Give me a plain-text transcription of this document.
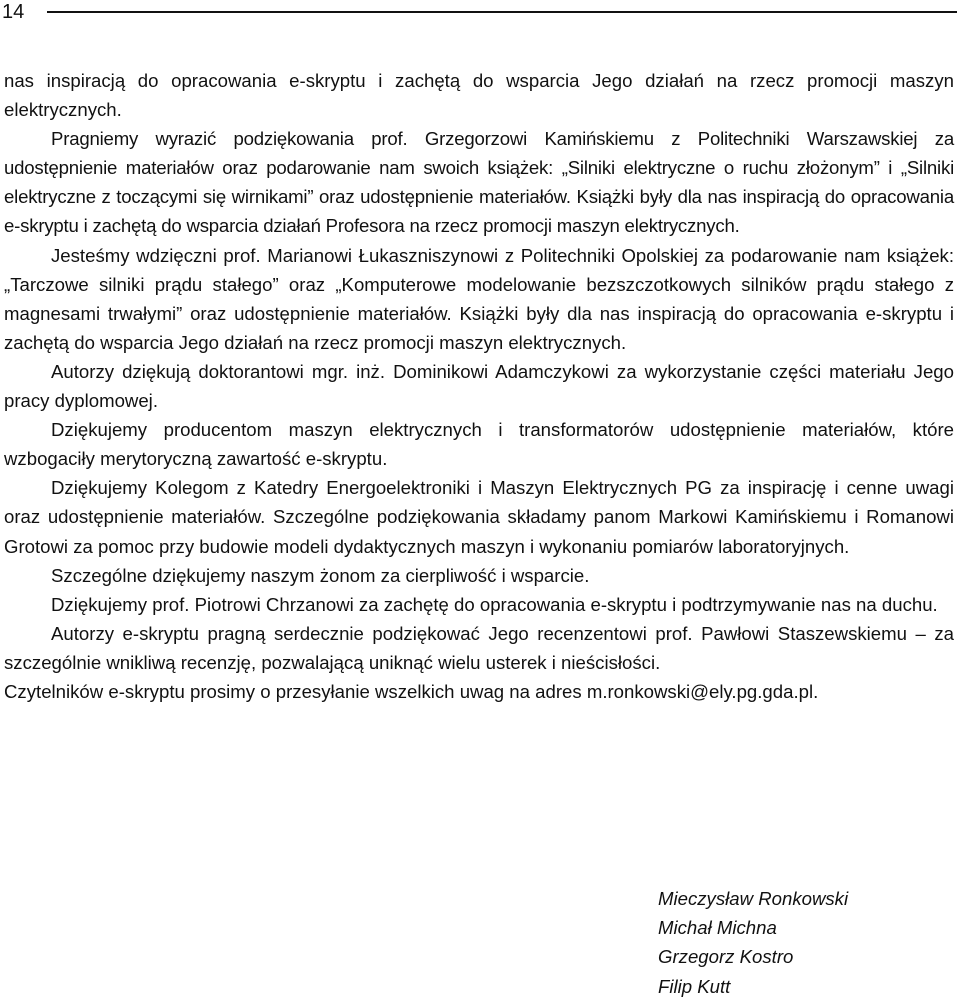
14

nas inspiracją do opracowania e-skryptu i zachętą do wsparcia Jego działań na rzecz promocji maszyn elektrycznych.

Pragniemy wyrazić podziękowania prof. Grzegorzowi Kamińskiemu z Politechniki Warszawskiej za udostępnienie materiałów oraz podarowanie nam swoich książek: „Silniki elektryczne o ruchu złożonym” i „Silniki elektryczne z toczącymi się wirnikami” oraz udostępnienie materiałów. Książki były dla nas inspiracją do opracowania e-skryptu i zachętą do wsparcia działań Profesora na rzecz promocji maszyn elektrycznych.

Jesteśmy wdzięczni prof. Marianowi Łukaszniszynowi z Politechniki Opolskiej za podarowanie nam książek: „Tarczowe silniki prądu stałego” oraz „Komputerowe modelowanie bezszczotkowych silników prądu stałego z magnesami trwałymi” oraz udostępnienie materiałów. Książki były dla nas inspiracją do opracowania e-skryptu i zachętą do wsparcia Jego działań na rzecz promocji maszyn elektrycznych.

Autorzy dziękują doktorantowi mgr. inż. Dominikowi Adamczykowi za wykorzystanie części materiału Jego pracy dyplomowej.

Dziękujemy producentom maszyn elektrycznych i transformatorów udostępnienie materiałów, które wzbogaciły merytoryczną zawartość e-skryptu.

Dziękujemy Kolegom z Katedry Energoelektroniki i Maszyn Elektrycznych PG za inspirację i cenne uwagi oraz udostępnienie materiałów. Szczególne podziękowania składamy panom Markowi Kamińskiemu i Romanowi Grotowi za pomoc przy budowie modeli dydaktycznych maszyn i wykonaniu pomiarów laboratoryjnych.

Szczególne dziękujemy naszym żonom za cierpliwość i wsparcie.

Dziękujemy prof. Piotrowi Chrzanowi za zachętę do opracowania e-skryptu i podtrzymywanie nas na duchu.

Autorzy e-skryptu pragną serdecznie podziękować Jego recenzentowi prof. Pawłowi Staszewskiemu – za szczególnie wnikliwą recenzję, pozwalającą uniknąć wielu usterek i nieścisłości.

Czytelników e-skryptu prosimy o przesyłanie wszelkich uwag na adres m.ronkowski@ely.pg.gda.pl.

Mieczysław Ronkowski
Michał Michna
Grzegorz Kostro
Filip Kutt
